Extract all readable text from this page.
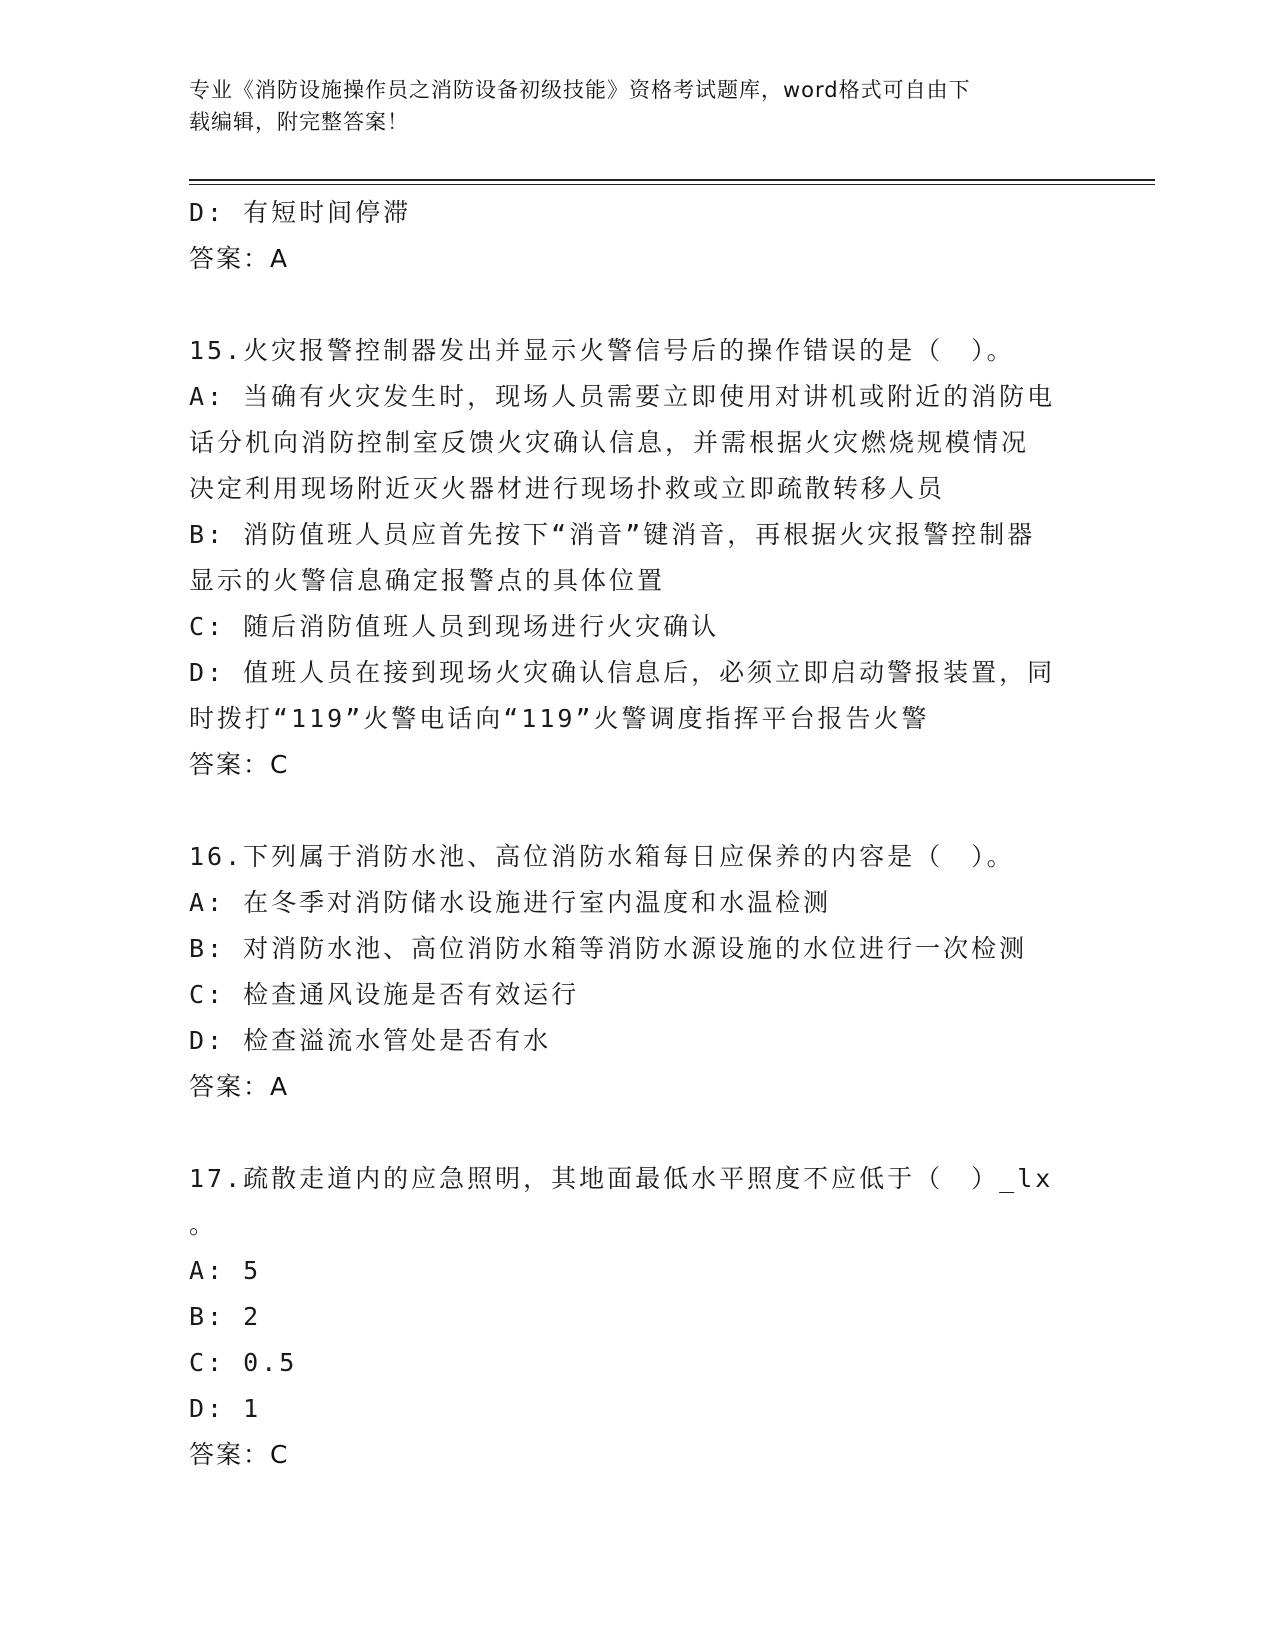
专业《消防设施操作员之消防设备初级技能》资格考试题库，word格式可自由下
载编辑，附完整答案！
D: 有短时间停滞
答案：A
15.火灾报警控制器发出并显示火警信号后的操作错误的是（　）。
A: 当确有火灾发生时，现场人员需要立即使用对讲机或附近的消防电
话分机向消防控制室反馈火灾确认信息，并需根据火灾燃烧规模情况
决定利用现场附近灭火器材进行现场扑救或立即疏散转移人员
B: 消防值班人员应首先按下“消音”键消音，再根据火灾报警控制器
显示的火警信息确定报警点的具体位置
C: 随后消防值班人员到现场进行火灾确认
D: 值班人员在接到现场火灾确认信息后，必须立即启动警报装置，同
时拨打“119”火警电话向“119”火警调度指挥平台报告火警
答案：C
16.下列属于消防水池、高位消防水箱每日应保养的内容是（　）。
A: 在冬季对消防储水设施进行室内温度和水温检测
B: 对消防水池、高位消防水箱等消防水源设施的水位进行一次检测
C: 检查通风设施是否有效运行
D: 检查溢流水管处是否有水
答案：A
17.疏散走道内的应急照明，其地面最低水平照度不应低于（　）_lx
。
A: 5
B: 2
C: 0.5
D: 1
答案：C
